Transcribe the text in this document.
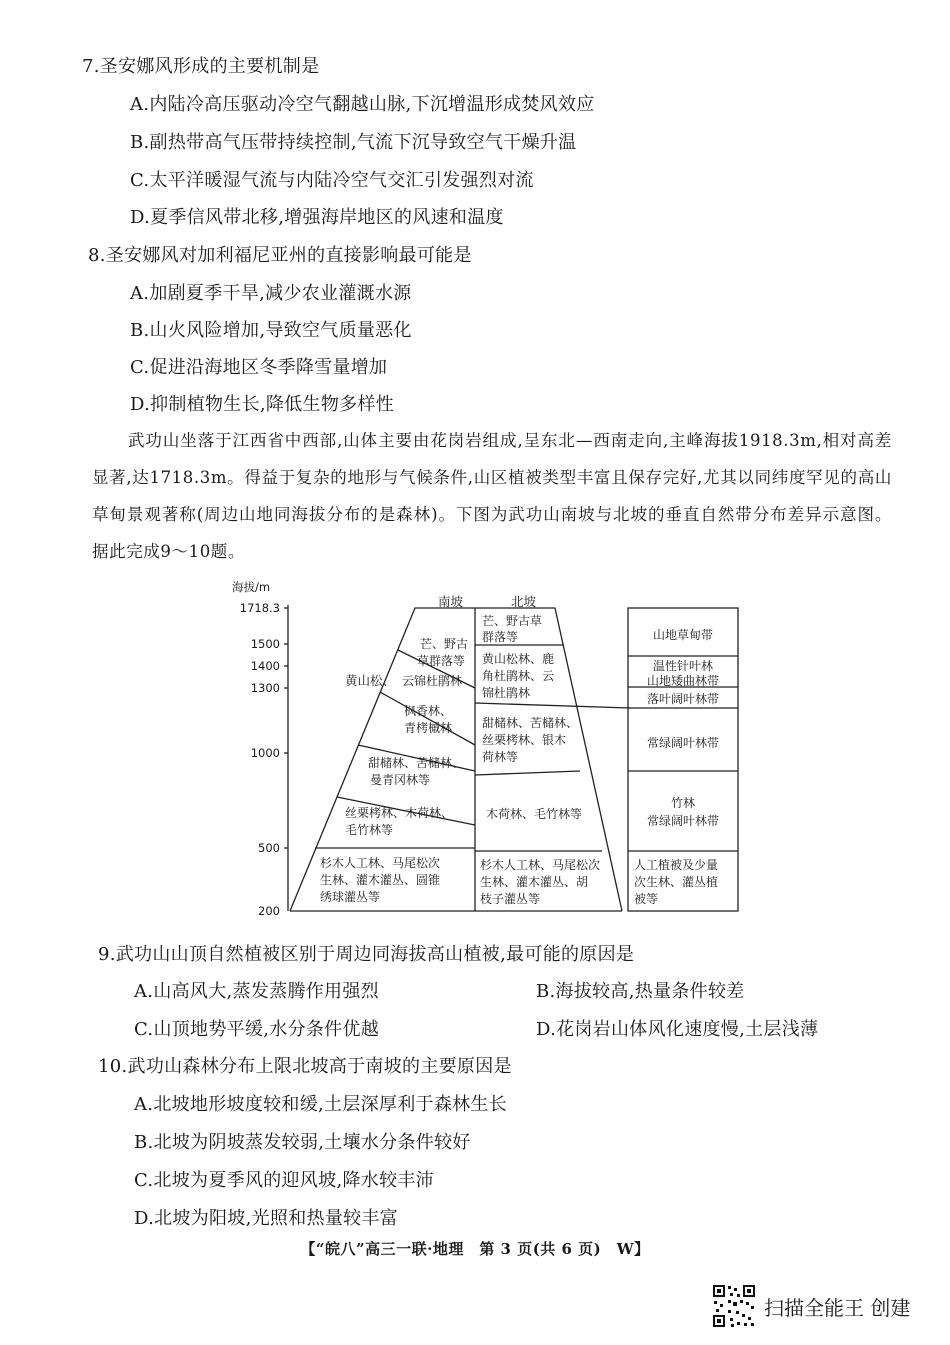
7.圣安娜风形成的主要机制是
A.内陆冷高压驱动冷空气翻越山脉,下沉增温形成焚风效应
B.副热带高气压带持续控制,气流下沉导致空气干燥升温
C.太平洋暖湿气流与内陆冷空气交汇引发强烈对流
D.夏季信风带北移,增强海岸地区的风速和温度
8.圣安娜风对加利福尼亚州的直接影响最可能是
A.加剧夏季干旱,减少农业灌溉水源
B.山火风险增加,导致空气质量恶化
C.促进沿海地区冬季降雪量增加
D.抑制植物生长,降低生物多样性
武功山坐落于江西省中西部,山体主要由花岗岩组成,呈东北—西南走向,主峰海拔1918.3m,相对高差显著,达1718.3m。得益于复杂的地形与气候条件,山区植被类型丰富且保存完好,尤其以同纬度罕见的高山草甸景观著称(周边山地同海拔分布的是森林)。下图为武功山南坡与北坡的垂直自然带分布差异示意图。据此完成9～10题。
海拔/m
1718.3
1500
1400
1300
1000
500
200
南坡	北坡
黄山松、
芒、野古
草群落等
云锦杜鹃林
枫香林、
青栲槭林
甜槠林、苦槠林、
曼青冈林等
丝栗栲林、木荷林、
毛竹林等
杉木人工林、马尾松次
生林、灌木灌丛、圆锥
绣球灌丛等
芒、野古草
群落等
黄山松林、鹿
角杜鹃林、云
锦杜鹃林
甜槠林、苦槠林、
丝栗栲林、银木
荷林等
木荷林、毛竹林等
杉木人工林、马尾松次
生林、灌木灌丛、胡
枝子灌丛等
山地草甸带
温性针叶林
山地矮曲林带
落叶阔叶林带
常绿阔叶林带
竹林
常绿阔叶林带
人工植被及少量
次生林、灌丛植
被等
9.武功山山顶自然植被区别于周边同海拔高山植被,最可能的原因是
A.山高风大,蒸发蒸腾作用强烈	B.海拔较高,热量条件较差
C.山顶地势平缓,水分条件优越	D.花岗岩山体风化速度慢,土层浅薄
10.武功山森林分布上限北坡高于南坡的主要原因是
A.北坡地形坡度较和缓,土层深厚利于森林生长
B.北坡为阴坡蒸发较弱,土壤水分条件较好
C.北坡为夏季风的迎风坡,降水较丰沛
D.北坡为阳坡,光照和热量较丰富
【“皖八”高三一联·地理　第 3 页(共 6 页)　W】
扫描全能王 创建
